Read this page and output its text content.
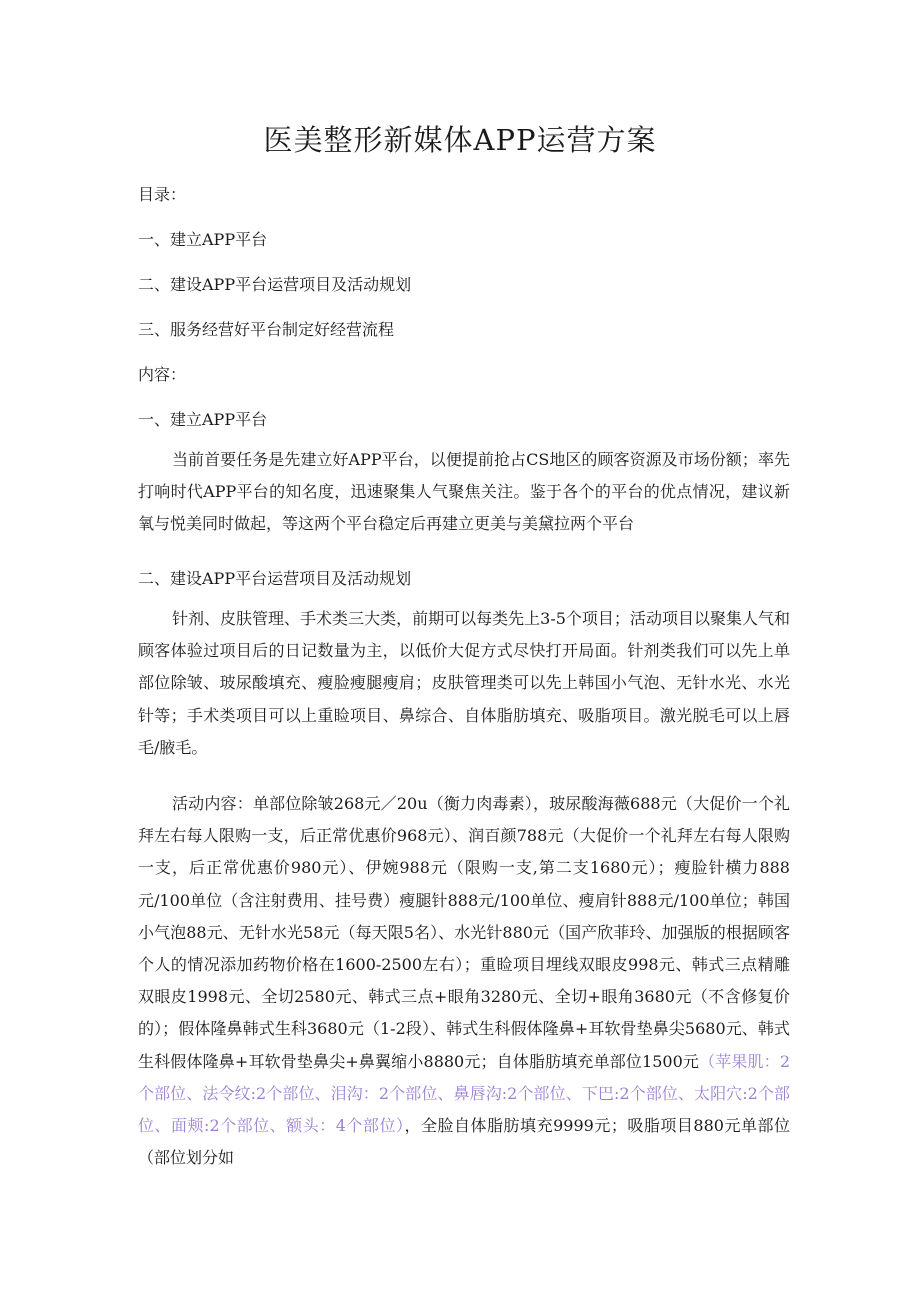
医美整形新媒体APP运营方案

目录：

一、建立APP平台

二、建设APP平台运营项目及活动规划

三、服务经营好平台制定好经营流程

内容：

一、建立APP平台

当前首要任务是先建立好APP平台，以便提前抢占CS地区的顾客资源及市场份额；率先打响时代APP平台的知名度，迅速聚集人气聚焦关注。鉴于各个的平台的优点情况，建议新氧与悦美同时做起，等这两个平台稳定后再建立更美与美黛拉两个平台

二、建设APP平台运营项目及活动规划

针剂、皮肤管理、手术类三大类，前期可以每类先上3-5个项目；活动项目以聚集人气和顾客体验过项目后的日记数量为主，以低价大促方式尽快打开局面。针剂类我们可以先上单部位除皱、玻尿酸填充、瘦脸瘦腿瘦肩；皮肤管理类可以先上韩国小气泡、无针水光、水光针等；手术类项目可以上重睑项目、鼻综合、自体脂肪填充、吸脂项目。激光脱毛可以上唇毛/腋毛。

活动内容：单部位除皱268元／20u（衡力肉毒素），玻尿酸海薇688元（大促价一个礼拜左右每人限购一支，后正常优惠价968元）、润百颜788元（大促价一个礼拜左右每人限购一支，后正常优惠价980元）、伊婉988元（限购一支,第二支1680元）；瘦脸针横力888元/100单位（含注射费用、挂号费）瘦腿针888元/100单位、瘦肩针888元/100单位；韩国小气泡88元、无针水光58元（每天限5名）、水光针880元（国产欣菲玲、加强版的根据顾客个人的情况添加药物价格在1600-2500左右）；重睑项目埋线双眼皮998元、韩式三点精雕双眼皮1998元、全切2580元、韩式三点+眼角3280元、全切+眼角3680元（不含修复价的）；假体隆鼻韩式生科3680元（1-2段）、韩式生科假体隆鼻+耳软骨垫鼻尖5680元、韩式生科假体隆鼻+耳软骨垫鼻尖+鼻翼缩小8880元；自体脂肪填充单部位1500元（苹果肌：2个部位、法令纹:2个部位、泪沟：2个部位、鼻唇沟:2个部位、下巴:2个部位、太阳穴:2个部位、面颊:2个部位、额头：4个部位），全脸自体脂肪填充9999元；吸脂项目880元单部位（部位划分如
